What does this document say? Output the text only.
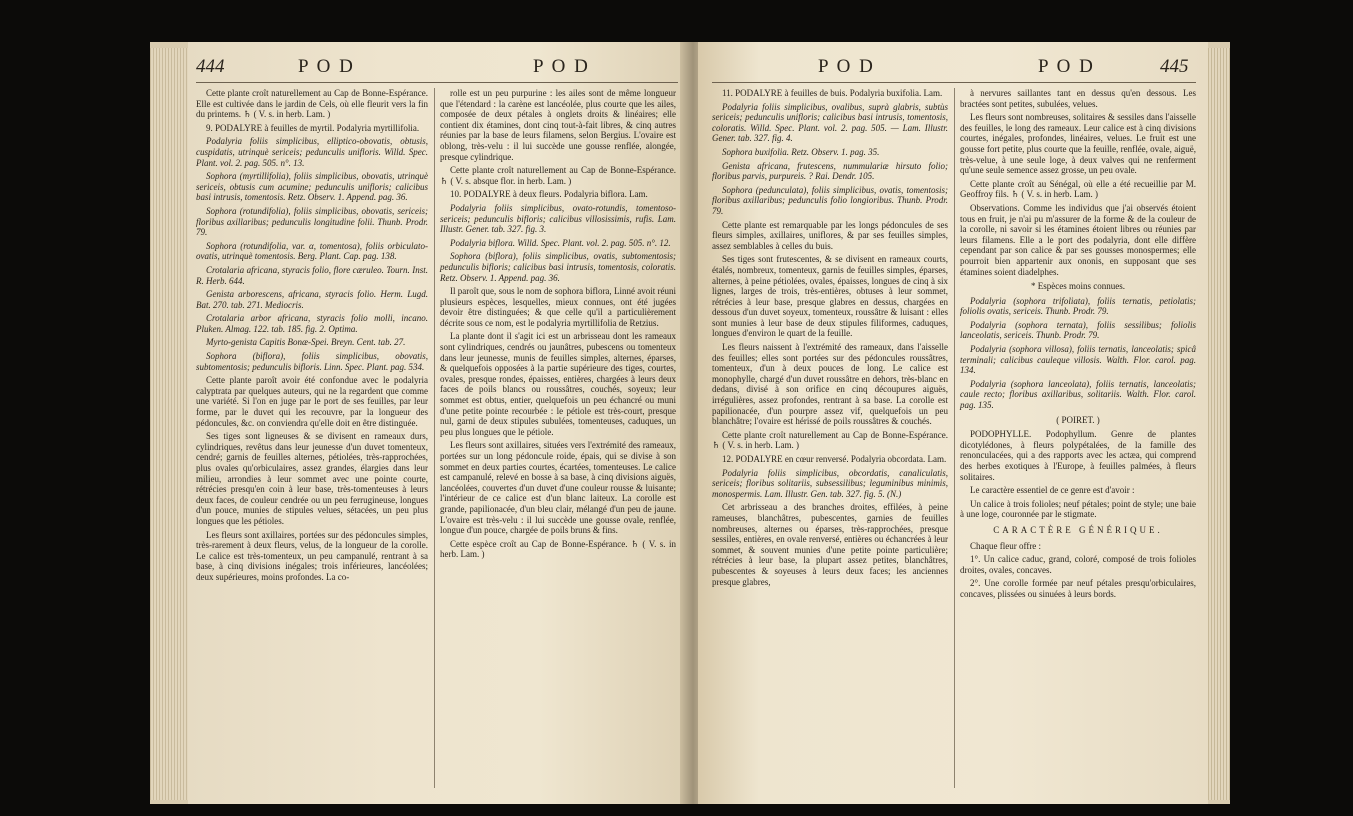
444	P O D	P O D

Cette plante croît naturellement au Cap de Bonne-Espérance. Elle est cultivée dans le jardin de Cels, où elle fleurit vers la fin du printems. ♄ ( V. s. in herb. Lam. )

9. PODALYRE à feuilles de myrtil. Podalyria myrtillifolia.

Podalyria foliis simplicibus, elliptico-obovatis, obtusis, cuspidatis, utrinquè sericeis; pedunculis unifloris. Willd. Spec. Plant. vol. 2. pag. 505. n°. 13.

Sophora (myrtillifolia), foliis simplicibus, obovatis, utrinquè sericeis, obtusis cum acumine; pedunculis unifloris; calicibus basi intrusis, tomentosis. Retz. Observ. 1. Append. pag. 36.

Sophora (rotundifolia), foliis simplicibus, obovatis, sericeis; floribus axillaribus; pedunculis longitudine folii. Thunb. Prodr. 79.

Sophora (rotundifolia, var. α, tomentosa), foliis orbiculato-ovatis, utrinquè tomentosis. Berg. Plant. Cap. pag. 138.

Crotalaria africana, styracis folio, flore cæruleo. Tourn. Inst. R. Herb. 644.

Genista arborescens, africana, styracis folio. Herm. Lugd. Bat. 270. tab. 271. Mediocris.

Crotalaria arbor africana, styracis folio molli, incano. Pluken. Almag. 122. tab. 185. fig. 2. Optima.

Myrto-genista Capitis Bonæ-Spei. Breyn. Cent. tab. 27.

Sophora (biflora), foliis simplicibus, obovatis, subtomentosis; pedunculis bifloris. Linn. Spec. Plant. pag. 534.

Cette plante paroît avoir été confondue avec le podalyria calyptrata par quelques auteurs, qui ne la regardent que comme une variété. Si l'on en juge par le port de ses feuilles, par leur forme, par le duvet qui les recouvre, par la longueur des pédoncules, &c. on conviendra qu'elle doit en être distinguée.

Ses tiges sont ligneuses & se divisent en rameaux durs, cylindriques, revêtus dans leur jeunesse d'un duvet tomenteux, cendré; garnis de feuilles alternes, pétiolées, très-rapprochées, plus ovales qu'orbiculaires, assez grandes, élargies dans leur milieu, arrondies à leur sommet avec une pointe courte, rétrécies presqu'en coin à leur base, très-tomenteuses à leurs deux faces, de couleur cendrée ou un peu ferrugineuse, longues d'un pouce, munies de stipules velues, sétacées, un peu plus longues que les pétioles.

Les fleurs sont axillaires, portées sur des pédoncules simples, très-rarement à deux fleurs, velus, de la longueur de la corolle. Le calice est très-tomenteux, un peu campanulé, rentrant à sa base, à cinq divisions inégales; trois inférieures, lancéolées; deux supérieures, moins profondes. La co-

rolle est un peu purpurine : les ailes sont de même longueur que l'étendard : la carène est lancéolée, plus courte que les ailes, composée de deux pétales à onglets droits & linéaires; elle contient dix étamines, dont cinq tout-à-fait libres, & cinq autres réunies par la base de leurs filamens, selon Bergius. L'ovaire est oblong, très-velu : il lui succède une gousse renflée, alongée, presque cylindrique.

Cette plante croît naturellement au Cap de Bonne-Espérance. ♄ ( V. s. absque flor. in herb. Lam. )

10. PODALYRE à deux fleurs. Podalyria biflora. Lam.

Podalyria foliis simplicibus, ovato-rotundis, tomentoso-sericeis; pedunculis bifloris; calicibus villosissimis, rufis. Lam. Illustr. Gener. tab. 327. fig. 3.

Podalyria biflora. Willd. Spec. Plant. vol. 2. pag. 505. n°. 12.

Sophora (biflora), foliis simplicibus, ovatis, subtomentosis; pedunculis bifloris; calicibus basi intrusis, tomentosis, coloratis. Retz. Observ. 1. Append. pag. 36.

Il paroît que, sous le nom de sophora biflora, Linné avoit réuni plusieurs espèces, lesquelles, mieux connues, ont été jugées devoir être distinguées; & que celle qu'il a particulièrement décrite sous ce nom, est le podalyria myrtillifolia de Retzius.

La plante dont il s'agit ici est un arbrisseau dont les rameaux sont cylindriques, cendrés ou jaunâtres, pubescens ou tomenteux dans leur jeunesse, munis de feuilles simples, alternes, éparses, & quelquefois opposées à la partie supérieure des tiges, courtes, ovales, presque rondes, épaisses, entières, chargées à leurs deux faces de poils blancs ou roussâtres, couchés, soyeux; leur sommet est obtus, entier, quelquefois un peu échancré ou muni d'une petite pointe recourbée : le pétiole est très-court, presque nul, garni de deux stipules subulées, tomenteuses, caduques, un peu plus longues que le pétiole.

Les fleurs sont axillaires, situées vers l'extrémité des rameaux, portées sur un long pédoncule roide, épais, qui se divise à son sommet en deux parties courtes, écartées, tomenteuses. Le calice est campanulé, relevé en bosse à sa base, à cinq divisions aiguës, lancéolées, couvertes d'un duvet d'une couleur rousse & luisante; l'intérieur de ce calice est d'un blanc laiteux. La corolle est grande, papilionacée, d'un bleu clair, mélangé d'un peu de jaune. L'ovaire est très-velu : il lui succède une gousse ovale, renflée, longue d'un pouce, chargée de poils bruns & fins.

Cette espèce croît au Cap de Bonne-Espérance. ♄ ( V. s. in herb. Lam. )

P O D	P O D	445

11. PODALYRE à feuilles de buis. Podalyria buxifolia. Lam.

Podalyria foliis simplicibus, ovalibus, suprà glabris, subtùs sericeis; pedunculis unifloris; calicibus basi intrusis, tomentosis, coloratis. Willd. Spec. Plant. vol. 2. pag. 505. — Lam. Illustr. Gener. tab. 327. fig. 4.

Sophora buxifolia. Retz. Observ. 1. pag. 35.

Genista africana, frutescens, nummulariæ hirsuto folio; floribus parvis, purpureis. ? Rai. Dendr. 105.

Sophora (pedunculata), foliis simplicibus, ovatis, tomentosis; floribus axillaribus; pedunculis folio longioribus. Thunb. Prodr. 79.

Cette plante est remarquable par les longs pédoncules de ses fleurs simples, axillaires, uniflores, & par ses feuilles simples, assez semblables à celles du buis.

Ses tiges sont frutescentes, & se divisent en rameaux courts, étalés, nombreux, tomenteux, garnis de feuilles simples, éparses, alternes, à peine pétiolées, ovales, épaisses, longues de cinq à six lignes, larges de trois, très-entières, obtuses à leur sommet, rétrécies à leur base, presque glabres en dessus, chargées en dessous d'un duvet soyeux, tomenteux, roussâtre & luisant : elles sont munies à leur base de deux stipules filiformes, caduques, longues d'environ le quart de la feuille.

Les fleurs naissent à l'extrémité des rameaux, dans l'aisselle des feuilles; elles sont portées sur des pédoncules roussâtres, tomenteux, d'un à deux pouces de long. Le calice est monophylle, chargé d'un duvet roussâtre en dehors, très-blanc en dedans, divisé à son orifice en cinq découpures aiguës, irrégulières, assez profondes, rentrant à sa base. La corolle est papilionacée, d'un pourpre assez vif, quelquefois un peu blanchâtre; l'ovaire est hérissé de poils roussâtres & couchés.

Cette plante croît naturellement au Cap de Bonne-Espérance. ♄ ( V. s. in herb. Lam. )

12. PODALYRE en cœur renversé. Podalyria obcordata. Lam.

Podalyria foliis simplicibus, obcordatis, canaliculatis, sericeis; floribus solitariis, subsessilibus; leguminibus minimis, monospermis. Lam. Illustr. Gen. tab. 327. fig. 5. (N.)

Cet arbrisseau a des branches droites, effilées, à peine rameuses, blanchâtres, pubescentes, garnies de feuilles nombreuses, alternes ou éparses, très-rapprochées, presque sessiles, entières, en ovale renversé, entières ou échancrées à leur sommet, & souvent munies d'une petite pointe particulière; rétrécies à leur base, la plupart assez petites, blanchâtres, pubescentes & soyeuses à leurs deux faces; les anciennes presque glabres,

à nervures saillantes tant en dessus qu'en dessous. Les bractées sont petites, subulées, velues.

Les fleurs sont nombreuses, solitaires & sessiles dans l'aisselle des feuilles, le long des rameaux. Leur calice est à cinq divisions courtes, inégales, profondes, linéaires, velues. Le fruit est une gousse fort petite, plus courte que la feuille, renflée, ovale, aiguë, très-velue, à une seule loge, à deux valves qui ne renferment qu'une seule semence assez grosse, un peu ovale.

Cette plante croît au Sénégal, où elle a été recueillie par M. Geoffroy fils. ♄ ( V. s. in herb. Lam. )

Observations. Comme les individus que j'ai observés étoient tous en fruit, je n'ai pu m'assurer de la forme & de la couleur de la corolle, ni savoir si les étamines étoient libres ou réunies par leurs filamens. Elle a le port des podalyria, dont elle diffère cependant par son calice & par ses gousses monospermes; elle pourroit bien appartenir aux ononis, en supposant que ses étamines soient diadelphes.

* Espèces moins connues.

Podalyria (sophora trifoliata), foliis ternatis, petiolatis; foliolis ovatis, sericeis. Thunb. Prodr. 79.

Podalyria (sophora ternata), foliis sessilibus; foliolis lanceolatis, sericeis. Thunb. Prodr. 79.

Podalyria (sophora villosa), foliis ternatis, lanceolatis; spicâ terminali; calicibus cauleque villosis. Walth. Flor. carol. pag. 134.

Podalyria (sophora lanceolata), foliis ternatis, lanceolatis; caule recto; floribus axillaribus, solitariis. Walth. Flor. carol. pag. 135.

( POIRET. )

PODOPHYLLE. Podophyllum. Genre de plantes dicotylédones, à fleurs polypétalées, de la famille des renonculacées, qui a des rapports avec les actæa, qui comprend des herbes exotiques à l'Europe, à feuilles palmées, à fleurs solitaires.

Le caractère essentiel de ce genre est d'avoir :

Un calice à trois folioles; neuf pétales; point de style; une baie à une loge, couronnée par le stigmate.

CARACTÈRE GÉNÉRIQUE.

Chaque fleur offre :

1°. Un calice caduc, grand, coloré, composé de trois folioles droites, ovales, concaves.

2°. Une corolle formée par neuf pétales presqu'orbiculaires, concaves, plissées ou sinuées à leurs bords.
